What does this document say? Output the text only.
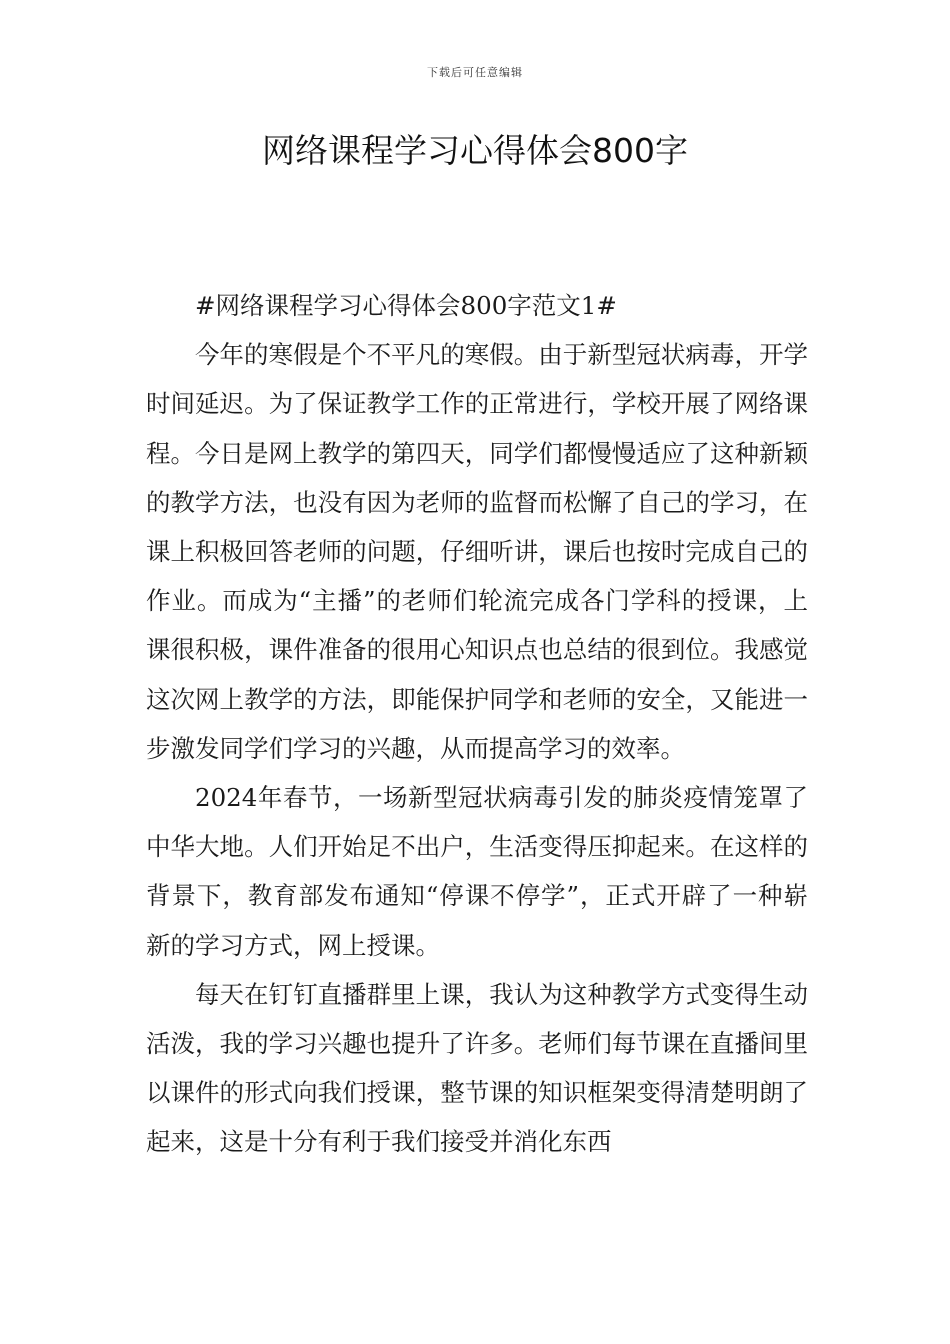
下载后可任意编辑
网络课程学习心得体会800字

#网络课程学习心得体会800字范文1#

今年的寒假是个不平凡的寒假。由于新型冠状病毒，开学时间延迟。为了保证教学工作的正常进行，学校开展了网络课程。今日是网上教学的第四天，同学们都慢慢适应了这种新颖的教学方法，也没有因为老师的监督而松懈了自己的学习，在课上积极回答老师的问题，仔细听讲，课后也按时完成自己的作业。而成为“主播”的老师们轮流完成各门学科的授课，上课很积极，课件准备的很用心知识点也总结的很到位。我感觉这次网上教学的方法，即能保护同学和老师的安全，又能进一步激发同学们学习的兴趣，从而提高学习的效率。

2024年春节，一场新型冠状病毒引发的肺炎疫情笼罩了中华大地。人们开始足不出户，生活变得压抑起来。在这样的背景下，教育部发布通知“停课不停学”，正式开辟了一种崭新的学习方式，网上授课。

每天在钉钉直播群里上课，我认为这种教学方式变得生动活泼，我的学习兴趣也提升了许多。老师们每节课在直播间里以课件的形式向我们授课，整节课的知识框架变得清楚明朗了起来，这是十分有利于我们接受并消化东西
